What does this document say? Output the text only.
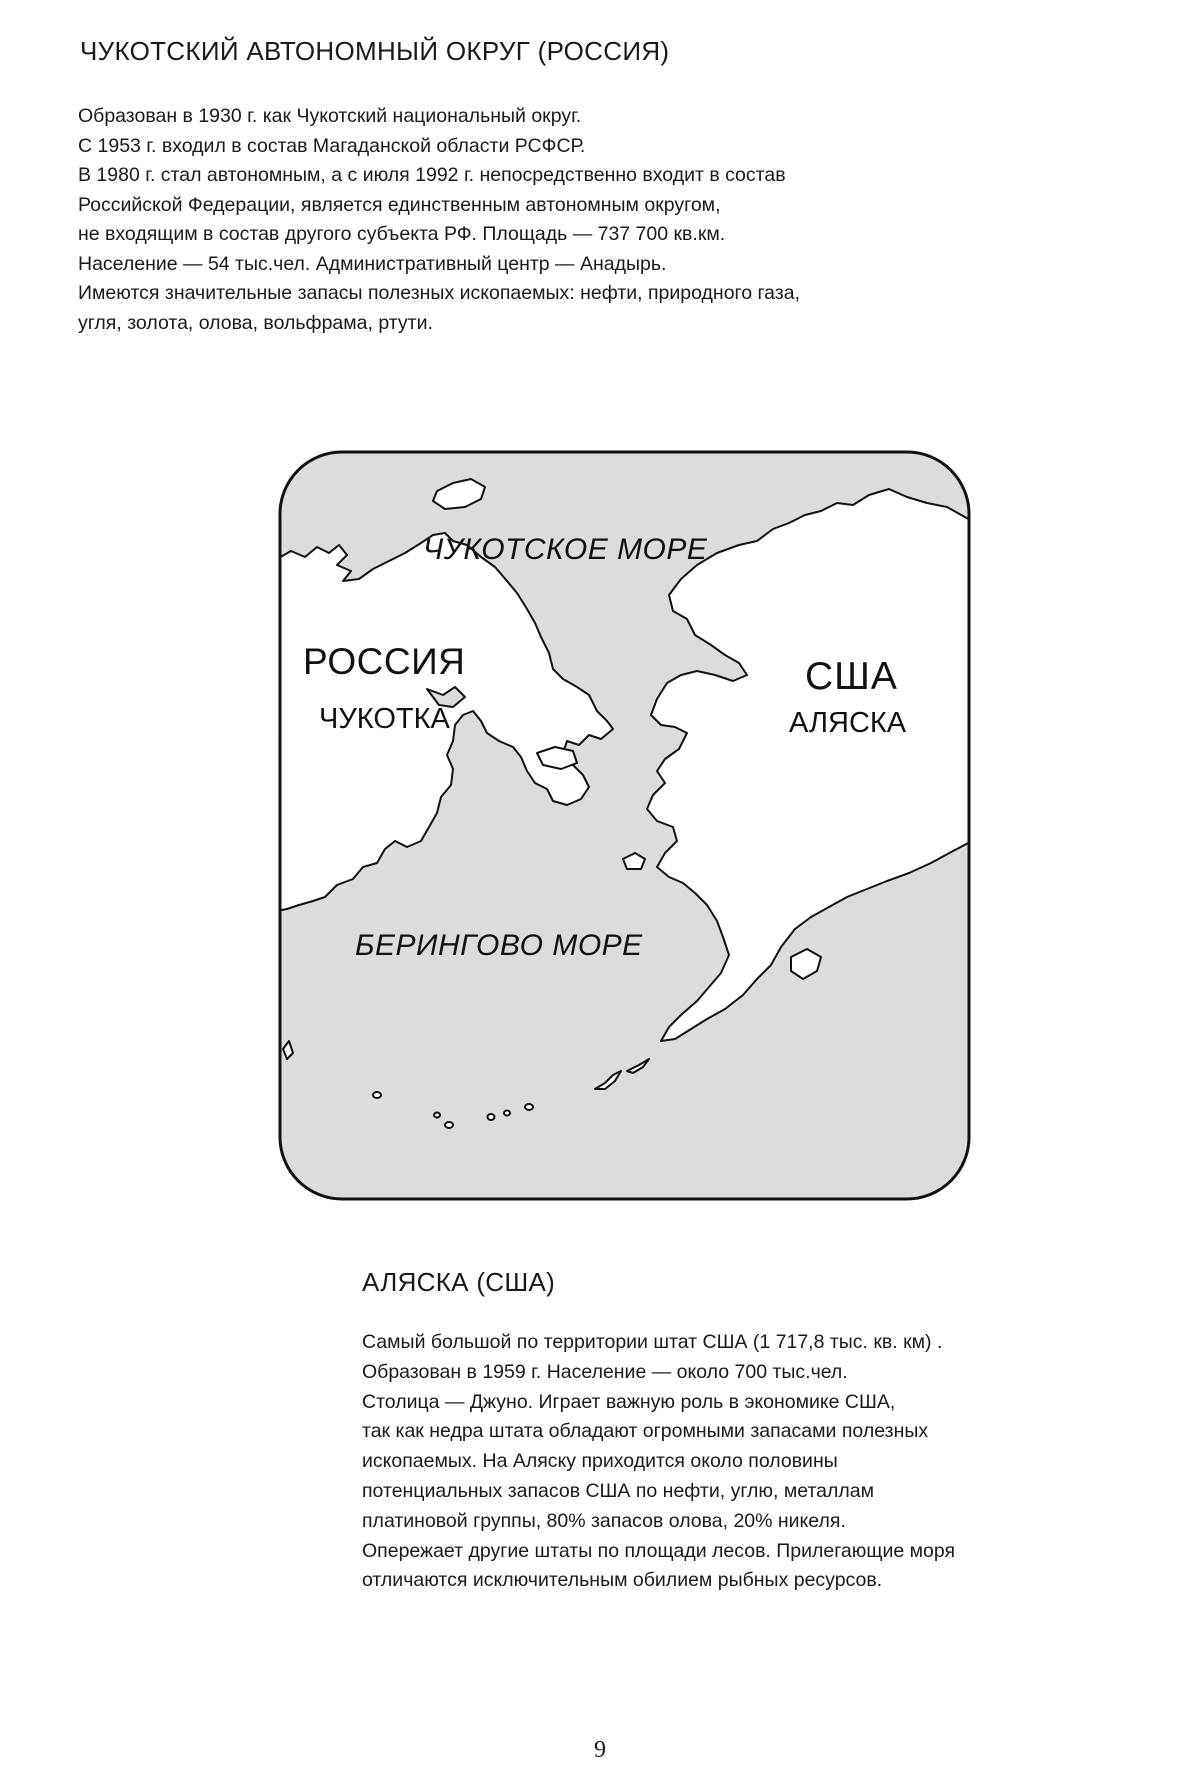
ЧУКОТСКИЙ АВТОНОМНЫЙ ОКРУГ (РОССИЯ)
Образован в 1930 г. как Чукотский национальный округ.
С 1953 г. входил в состав Магаданской области РСФСР.
В 1980 г. стал автономным, а с июля 1992 г. непосредственно входит в состав
Российской Федерации, является единственным автономным округом,
не входящим в состав другого субъекта РФ. Площадь — 737 700 кв.км.
Население — 54 тыс.чел. Административный центр — Анадырь.
Имеются значительные запасы полезных ископаемых: нефти, природного газа,
угля, золота, олова, вольфрама, ртути.
ЧУКОТСКОЕ МОРЕ
РОССИЯ
ЧУКОТКА
США
АЛЯСКА
БЕРИНГОВО МОРЕ
АЛЯСКА (США)
Самый большой по территории штат США (1 717,8 тыс. кв. км) .
Образован в 1959 г. Население — около 700 тыс.чел.
Столица — Джуно. Играет важную роль в экономике США,
так как недра штата обладают огромными запасами полезных
ископаемых. На Аляску приходится около половины
потенциальных запасов США по нефти, углю, металлам
платиновой группы, 80% запасов олова, 20% никеля.
Опережает другие штаты по площади лесов. Прилегающие моря
отличаются исключительным обилием рыбных ресурсов.
9
